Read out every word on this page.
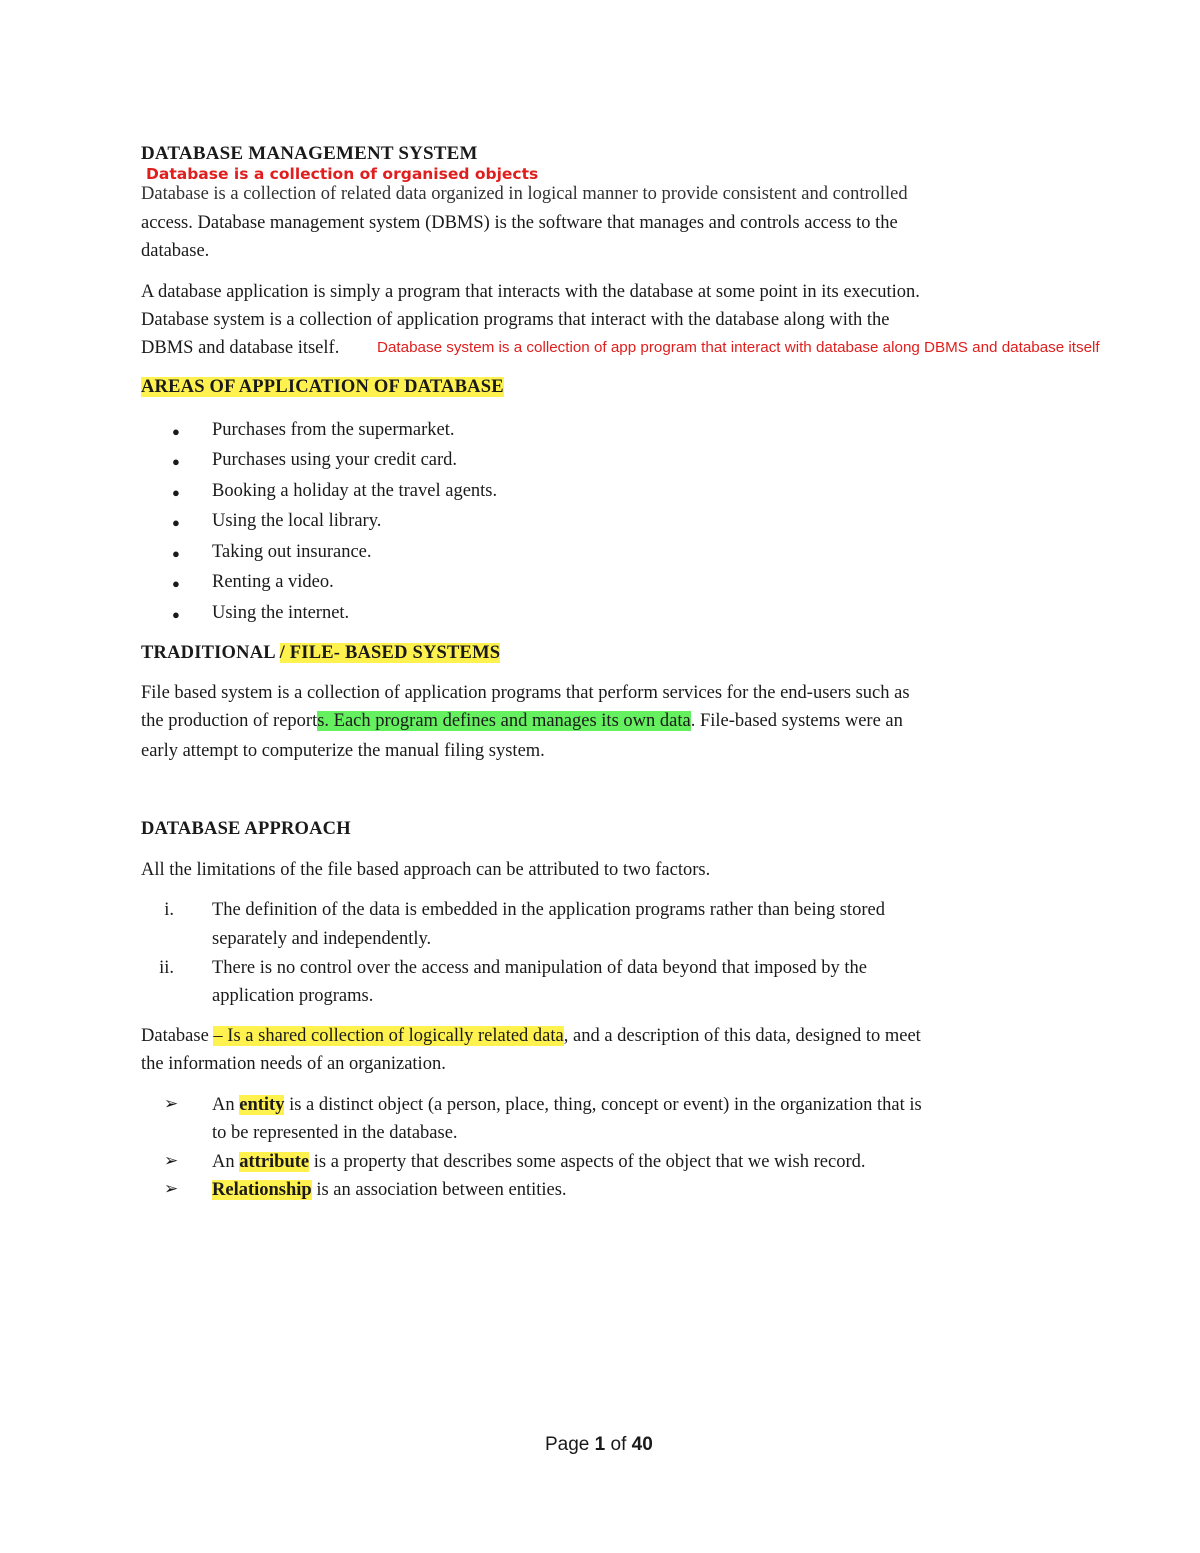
DATABASE MANAGEMENT SYSTEM
Database is a collection of organised objects
Database is a collection of related data organized in logical manner to provide consistent and controlled
access. Database management system (DBMS) is the software that manages and controls access to the
database.
A database application is simply a program that interacts with the database at some point in its execution.
Database system is a collection of application programs that interact with the database along with the
DBMS and database itself. Database system is a collection of app program that interact with database along DBMS and database itself
AREAS OF APPLICATION OF DATABASE
● Purchases from the supermarket.
● Purchases using your credit card.
● Booking a holiday at the travel agents.
● Using the local library.
● Taking out insurance.
● Renting a video.
● Using the internet.
TRADITIONAL / FILE- BASED SYSTEMS
File based system is a collection of application programs that perform services for the end-users such as
the production of reports. Each program defines and manages its own data. File-based systems were an
early attempt to computerize the manual filing system.
DATABASE APPROACH
All the limitations of the file based approach can be attributed to two factors.
i. The definition of the data is embedded in the application programs rather than being stored
separately and independently.
ii. There is no control over the access and manipulation of data beyond that imposed by the
application programs.
Database – Is a shared collection of logically related data, and a description of this data, designed to meet
the information needs of an organization.
➢ An entity is a distinct object (a person, place, thing, concept or event) in the organization that is
to be represented in the database.
➢ An attribute is a property that describes some aspects of the object that we wish record.
➢ Relationship is an association between entities.
Page 1 of 40
